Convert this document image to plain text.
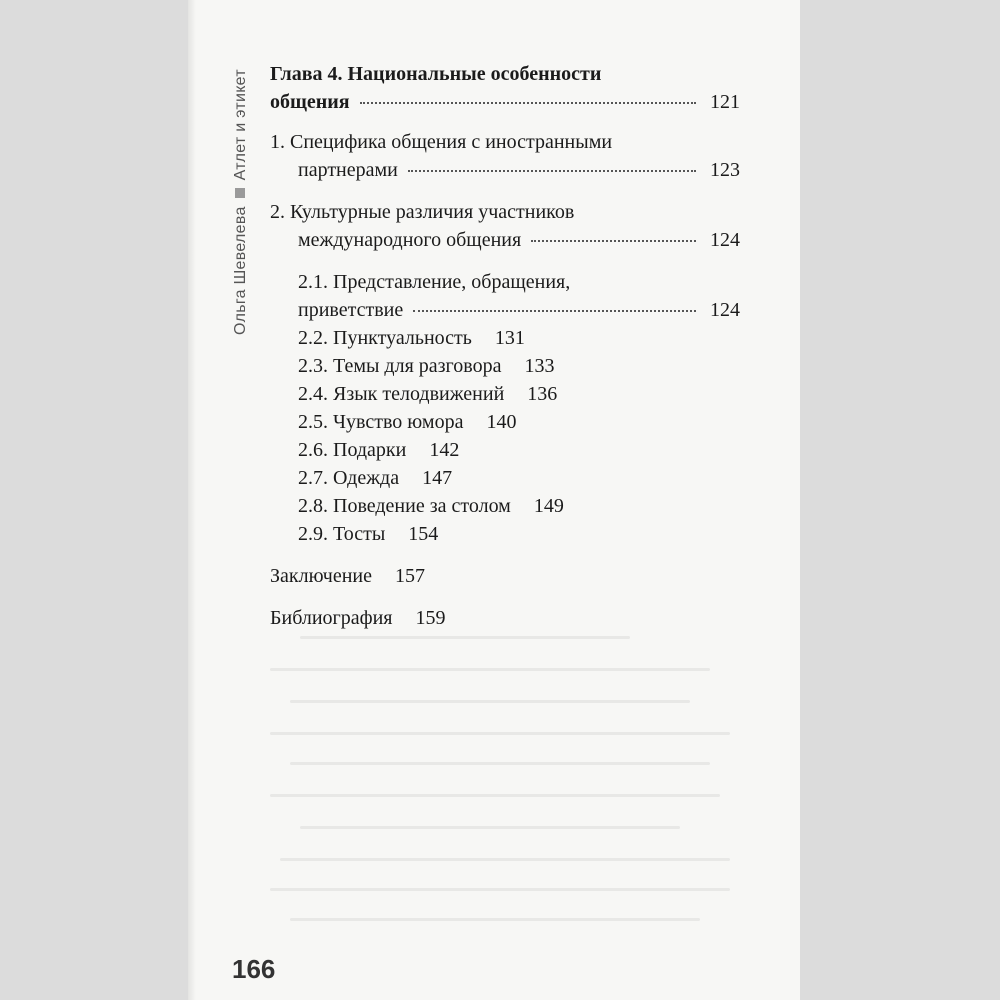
Ольга ШевелеваАтлет и этикет Глава 4. Национальные особенности
общения	121
1. Специфика общения с иностранными
партнерами	123
2. Культурные различия участников
международного общения	124
2.1. Представление, обращения,
приветствие	124
2.2. Пунктуальность 131
2.3. Темы для разговора 133
2.4. Язык телодвижений 136
2.5. Чувство юмора 140
2.6. Подарки 142
2.7. Одежда 147
2.8. Поведение за столом 149
2.9. Тосты 154
Заключение 157
Библиография 159
166
